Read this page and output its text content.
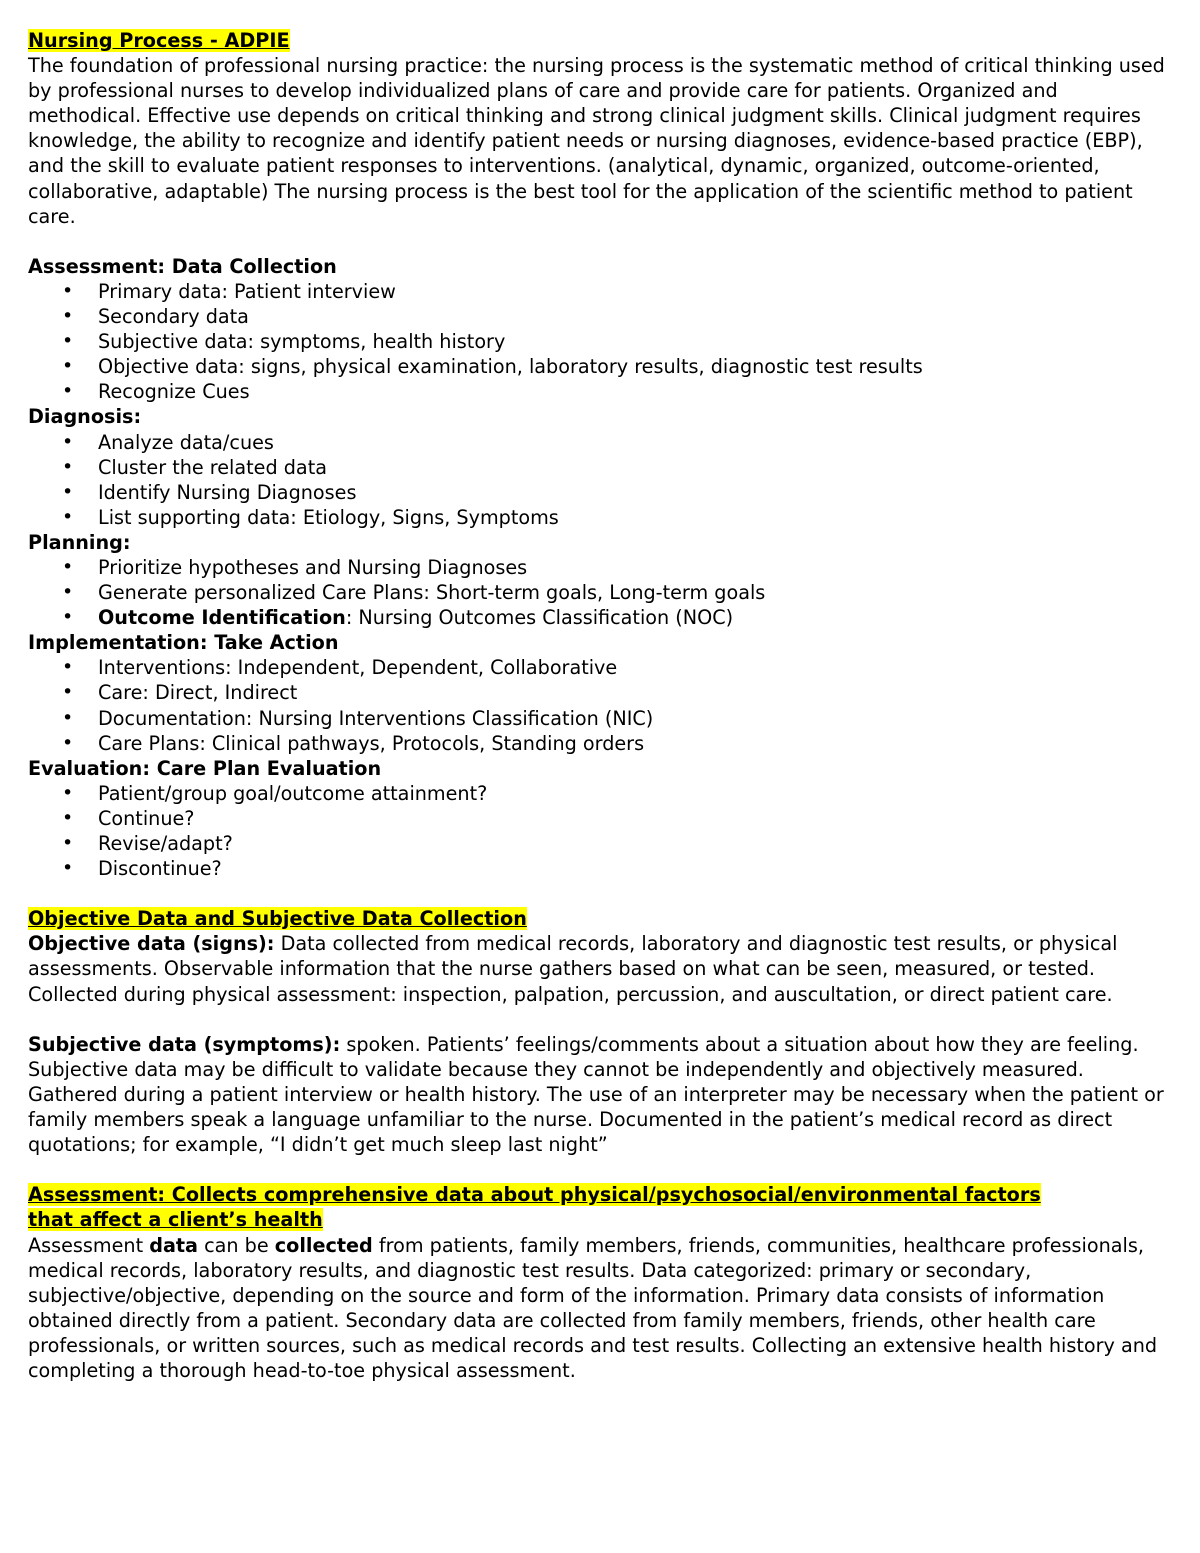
Nursing Process - ADPIE

The foundation of professional nursing practice: the nursing process is the systematic method of critical thinking used by professional nurses to develop individualized plans of care and provide care for patients. Organized and methodical. Effective use depends on critical thinking and strong clinical judgment skills. Clinical judgment requires knowledge, the ability to recognize and identify patient needs or nursing diagnoses, evidence-based practice (EBP), and the skill to evaluate patient responses to interventions. (analytical, dynamic, organized, outcome-oriented, collaborative, adaptable) The nursing process is the best tool for the application of the scientific method to patient care.

Assessment: Data Collection

• Primary data: Patient interview
• Secondary data
• Subjective data: symptoms, health history
• Objective data: signs, physical examination, laboratory results, diagnostic test results
• Recognize Cues

Diagnosis:

• Analyze data/cues
• Cluster the related data
• Identify Nursing Diagnoses
• List supporting data: Etiology, Signs, Symptoms

Planning:

• Prioritize hypotheses and Nursing Diagnoses
• Generate personalized Care Plans: Short-term goals, Long-term goals
• Outcome Identification: Nursing Outcomes Classification (NOC)

Implementation: Take Action

• Interventions: Independent, Dependent, Collaborative
• Care: Direct, Indirect
• Documentation: Nursing Interventions Classification (NIC)
• Care Plans: Clinical pathways, Protocols, Standing orders

Evaluation: Care Plan Evaluation

• Patient/group goal/outcome attainment?
• Continue?
• Revise/adapt?
• Discontinue?

Objective Data and Subjective Data Collection

Objective data (signs): Data collected from medical records, laboratory and diagnostic test results, or physical assessments. Observable information that the nurse gathers based on what can be seen, measured, or tested. Collected during physical assessment: inspection, palpation, percussion, and auscultation, or direct patient care.

Subjective data (symptoms): spoken. Patients’ feelings/comments about a situation about how they are feeling. Subjective data may be difficult to validate because they cannot be independently and objectively measured. Gathered during a patient interview or health history. The use of an interpreter may be necessary when the patient or family members speak a language unfamiliar to the nurse. Documented in the patient’s medical record as direct quotations; for example, “I didn’t get much sleep last night”

Assessment: Collects comprehensive data about physical/psychosocial/environmental factors
that affect a client’s health

Assessment data can be collected from patients, family members, friends, communities, healthcare professionals, medical records, laboratory results, and diagnostic test results. Data categorized: primary or secondary, subjective/objective, depending on the source and form of the information. Primary data consists of information obtained directly from a patient. Secondary data are collected from family members, friends, other health care professionals, or written sources, such as medical records and test results. Collecting an extensive health history and completing a thorough head-to-toe physical assessment.
